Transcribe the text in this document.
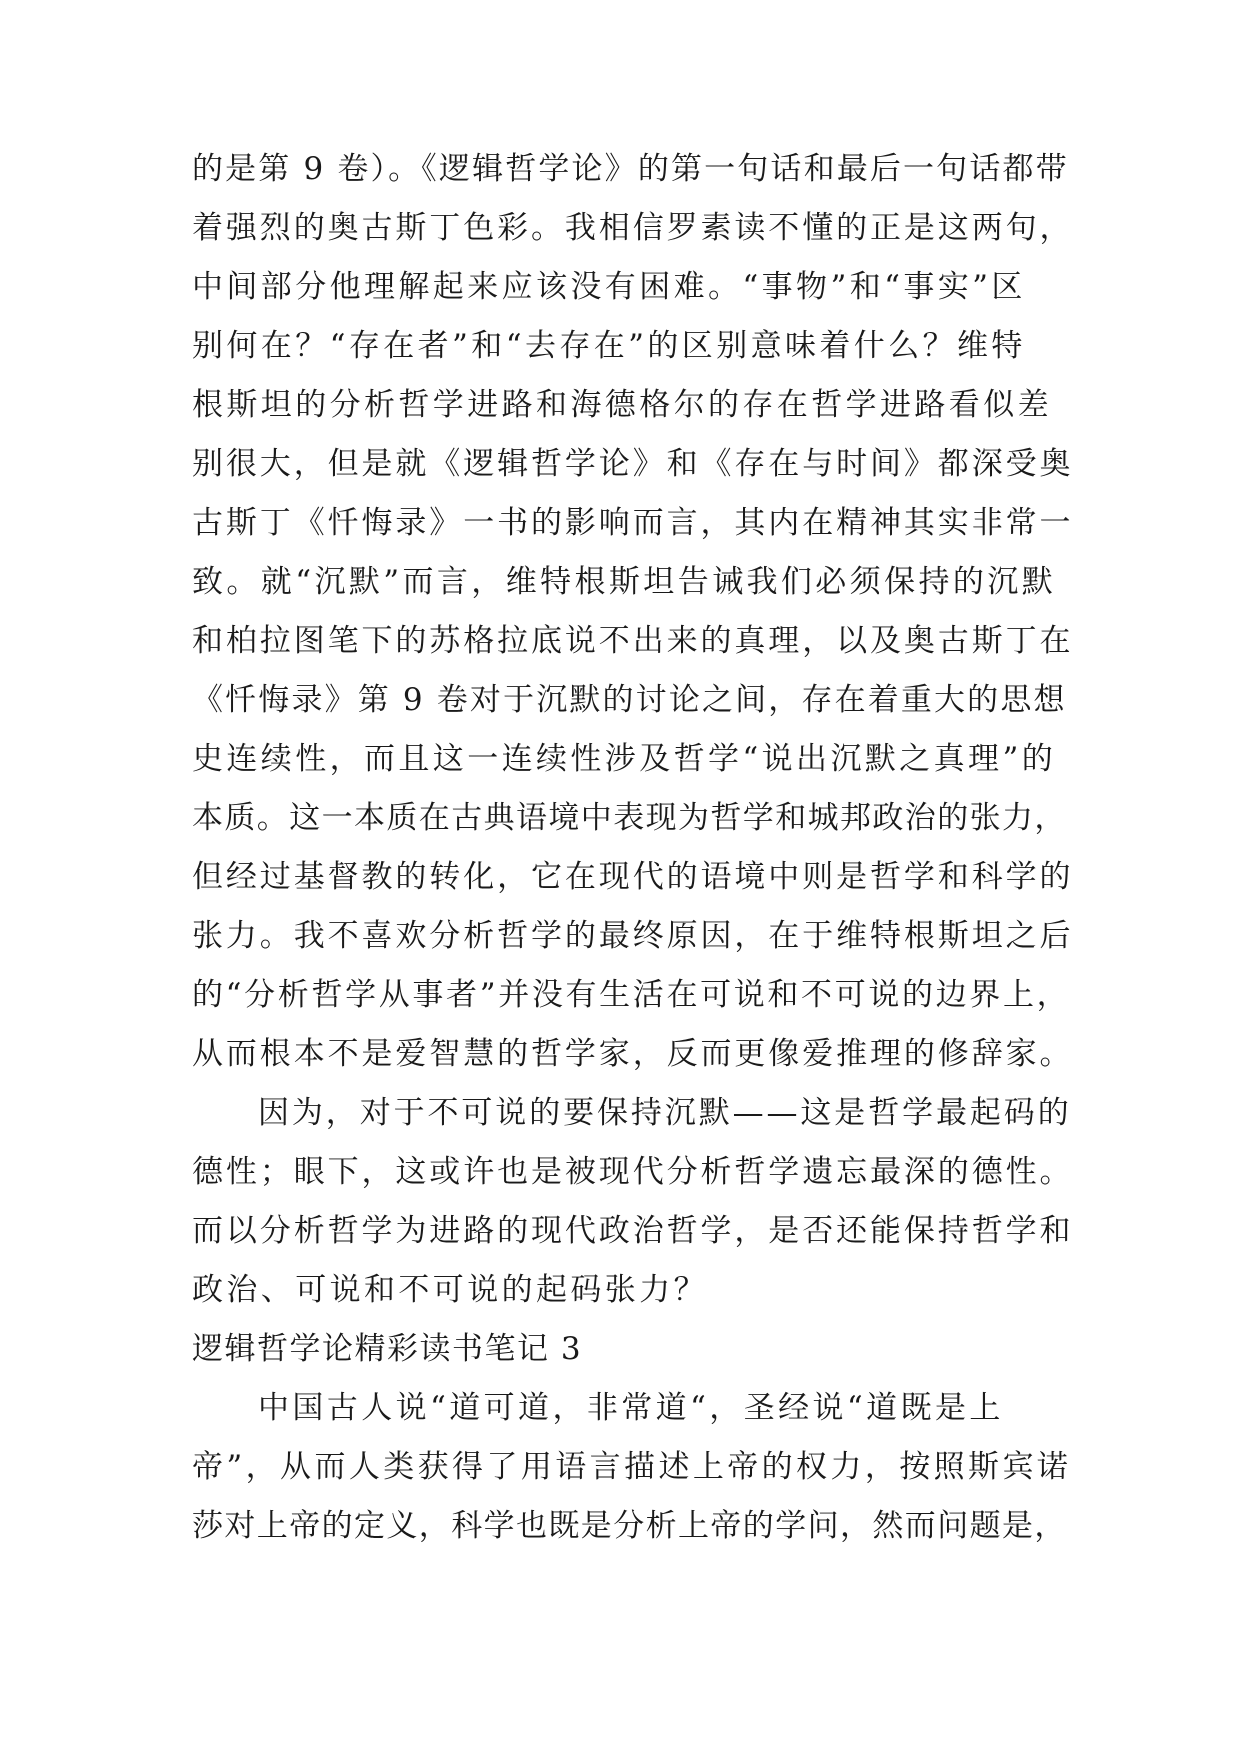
的是第 9 卷）。《逻辑哲学论》的第一句话和最后一句话都带
着强烈的奥古斯丁色彩。我相信罗素读不懂的正是这两句，
中间部分他理解起来应该没有困难。“事物”和“事实”区
别何在？“存在者”和“去存在”的区别意味着什么？维特
根斯坦的分析哲学进路和海德格尔的存在哲学进路看似差
别很大，但是就《逻辑哲学论》和《存在与时间》都深受奥
古斯丁《忏悔录》一书的影响而言，其内在精神其实非常一
致。就“沉默”而言，维特根斯坦告诫我们必须保持的沉默
和柏拉图笔下的苏格拉底说不出来的真理，以及奥古斯丁在
《忏悔录》第 9 卷对于沉默的讨论之间，存在着重大的思想
史连续性，而且这一连续性涉及哲学“说出沉默之真理”的
本质。这一本质在古典语境中表现为哲学和城邦政治的张力，
但经过基督教的转化，它在现代的语境中则是哲学和科学的
张力。我不喜欢分析哲学的最终原因，在于维特根斯坦之后
的“分析哲学从事者”并没有生活在可说和不可说的边界上，
从而根本不是爱智慧的哲学家，反而更像爱推理的修辞家。
因为，对于不可说的要保持沉默——这是哲学最起码的
德性；眼下，这或许也是被现代分析哲学遗忘最深的德性。
而以分析哲学为进路的现代政治哲学，是否还能保持哲学和
政治、可说和不可说的起码张力？
逻辑哲学论精彩读书笔记 3
中国古人说“道可道，非常道“，圣经说“道既是上
帝”，从而人类获得了用语言描述上帝的权力，按照斯宾诺
莎对上帝的定义，科学也既是分析上帝的学问，然而问题是，
